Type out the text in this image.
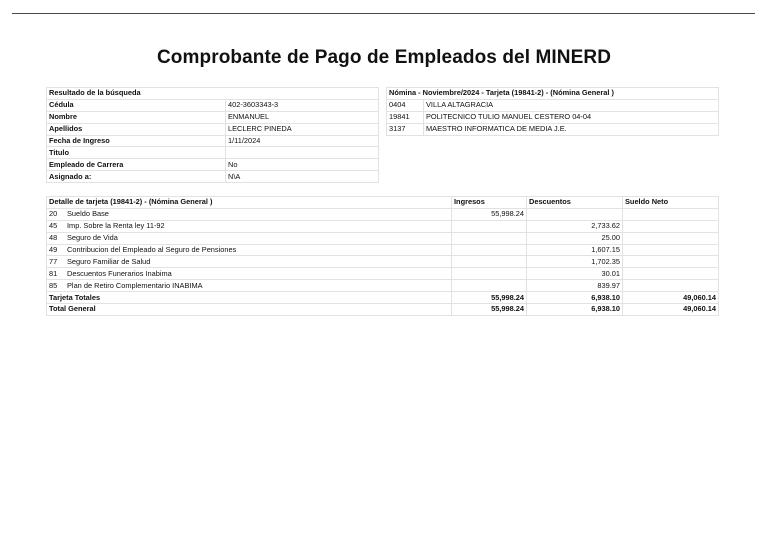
Comprobante de Pago de Empleados del MINERD
Resultado de la búsqueda	
Cédula	402-3603343-3
Nombre	ENMANUEL
Apellidos	LECLERC PINEDA
Fecha de Ingreso	1/11/2024
Titulo	
Empleado de Carrera	No
Asignado a:	N\A
Nómina - Noviembre/2024 - Tarjeta (19841-2) - (Nómina General )	
0404	VILLA ALTAGRACIA
19841	POLITECNICO TULIO MANUEL CESTERO 04-04
3137	MAESTRO INFORMATICA DE MEDIA J.E.
Detalle de tarjeta (19841-2) - (Nómina General )	Ingresos	Descuentos	Sueldo Neto
20 Sueldo Base	55,998.24		
45 Imp. Sobre la Renta ley 11-92		2,733.62	
48 Seguro de Vida		25.00	
49 Contribucion del Empleado al Seguro de Pensiones		1,607.15	
77 Seguro Familiar de Salud		1,702.35	
81 Descuentos Funerarios Inabima		30.01	
85 Plan de Retiro Complementario INABIMA		839.97	
Tarjeta Totales	55,998.24	6,938.10	49,060.14
Total General	55,998.24	6,938.10	49,060.14
